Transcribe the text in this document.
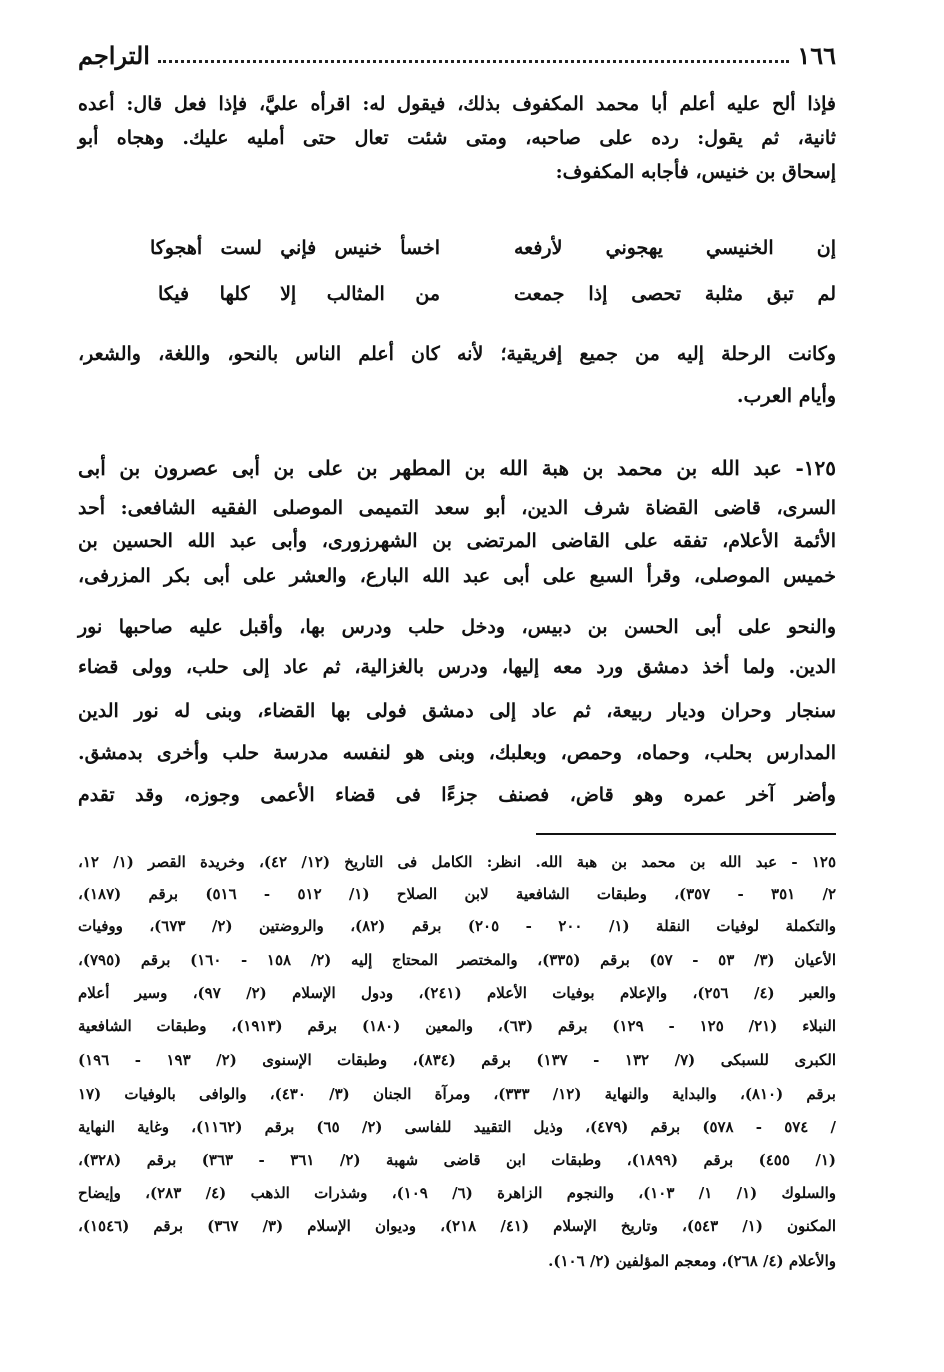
١٦٦
التراجم
فإذا ألح عليه أعلم أبا محمد المكفوف بذلك، فيقول له: اقرأه عليَّ، فإذا فعل قال: أعده
ثانية، ثم يقول: رده على صاحبه، ومتى شئت تعال حتى أمليه عليك. وهجاه أبو
إسحاق بن خنيس، فأجابه المكفوف:
إن الخنيسي يهجوني لأرفعه
اخسأ خنيس فإني لست أهجوكا
لم تبق مثلبة تحصى إذا جمعت
من المثالب إلا كلها فيكا
وكانت الرحلة إليه من جميع إفريقية؛ لأنه كان أعلم الناس بالنحو، واللغة، والشعر،
وأيام العرب.
١٢٥- عبد الله بن محمد بن هبة الله بن المطهر بن على بن أبى عصرون بن أبى
السرى، قاضى القضاة شرف الدين، أبو سعد التميمى الموصلى الفقيه الشافعى: أحد
الأئمة الأعلام، تفقه على القاضى المرتضى بن الشهرزورى، وأبى عبد الله الحسين بن
خميس الموصلى، وقرأ السبع على أبى عبد الله البارع، والعشر على أبى بكر المزرفى،
والنحو على أبى الحسن بن دبيس، ودخل حلب ودرس بها، وأقبل عليه صاحبها نور
الدين. ولما أخذ دمشق ورد معه إليها، ودرس بالغزالية، ثم عاد إلى حلب، وولى قضاء
سنجار وحران وديار ربيعة، ثم عاد إلى دمشق فولى بها القضاء، وبنى له نور الدين
المدارس بحلب، وحماه، وحمص، وبعلبك، وبنى هو لنفسه مدرسة حلب وأخرى بدمشق.
وأضر آخر عمره وهو قاض، فصنف جزءًا فى قضاء الأعمى وجوزه، وقد تقدم
١٢٥ - عبد الله بن محمد بن هبة الله. انظر: الكامل فى التاريخ (١٢/ ٤٢)، وخريدة القصر (١/ ١٢،
٢/ ٣٥١ - ٣٥٧)، وطبقات الشافعية لابن الصلاح (١/ ٥١٢ - ٥١٦) برقم (١٨٧)،
والتكملة لوفيات النقلة (١/ ٢٠٠ - ٢٠٥) برقم (٨٢)، والروضتين (٢/ ٦٧٣)، ووفيات
الأعيان (٣/ ٥٣ - ٥٧) برقم (٣٣٥)، والمختصر المحتاج إليه (٢/ ١٥٨ - ١٦٠) برقم (٧٩٥)،
والعبر (٤/ ٢٥٦)، والإعلام بوفيات الأعلام (٢٤١)، ودول الإسلام (٢/ ٩٧)، وسير أعلام
النبلاء (٢١/ ١٢٥ - ١٢٩) برقم (٦٣)، والمعين (١٨٠) برقم (١٩١٣)، وطبقات الشافعية
الكبرى للسبكى (٧/ ١٣٢ - ١٣٧) برقم (٨٣٤)، وطبقات الإسنوى (٢/ ١٩٣ - ١٩٦)
برقم (٨١٠)، والبداية والنهاية (١٢/ ٣٣٣)، ومرآة الجنان (٣/ ٤٣٠)، والوافى بالوفيات (١٧
/ ٥٧٤ - ٥٧٨) برقم (٤٧٩)، وذيل التقييد للفاسى (٢/ ٦٥) برقم (١١٦٢)، وغاية النهاية
(١/ ٤٥٥) برقم (١٨٩٩)، وطبقات ابن قاضى شهبة (٢/ ٣٦١ - ٣٦٣) برقم (٣٢٨)،
والسلوك (١/ ١/ ١٠٣)، والنجوم الزاهرة (٦/ ١٠٩)، وشذرات الذهب (٤/ ٢٨٣)، وإيضاح
المكنون (١/ ٥٤٣)، وتاريخ الإسلام (٤١/ ٢١٨)، وديوان الإسلام (٣/ ٣٦٧) برقم (١٥٤٦)،
والأعلام (٤/ ٢٦٨)، ومعجم المؤلفين (٢/ ١٠٦).
